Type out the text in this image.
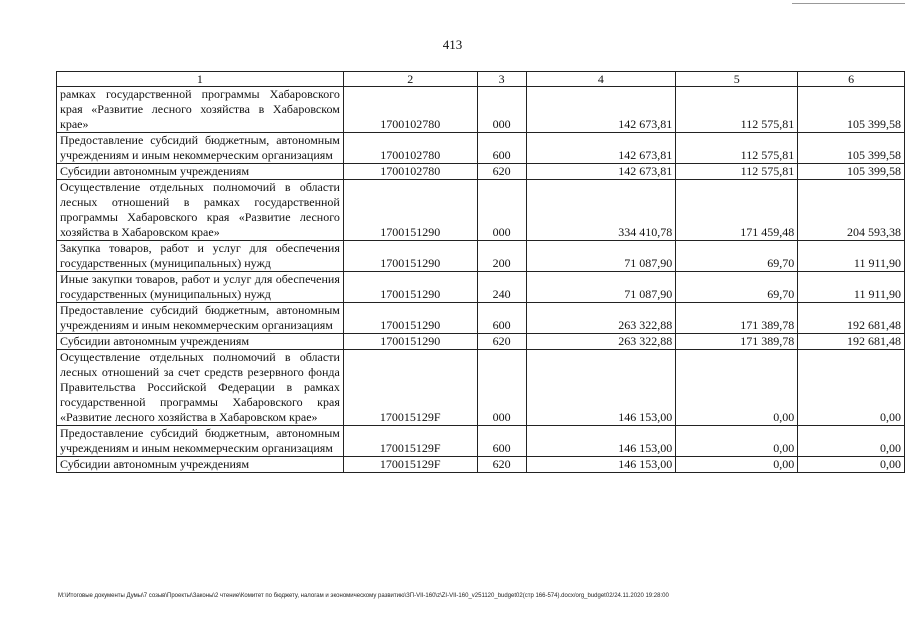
413
1	2	3	4	5	6
рамках государственной программы Хабаровского края «Развитие лесного хозяйства в Хабаровском крае»	1700102780	000	142 673,81	112 575,81	105 399,58
Предоставление субсидий бюджетным, автономным учреждениям и иным некоммерческим организациям	1700102780	600	142 673,81	112 575,81	105 399,58
Субсидии автономным учреждениям	1700102780	620	142 673,81	112 575,81	105 399,58
Осуществление отдельных полномочий в области лесных отношений в рамках государственной программы Хабаровского края «Развитие лесного хозяйства в Хабаровском крае»	1700151290	000	334 410,78	171 459,48	204 593,38
Закупка товаров, работ и услуг для обеспечения государственных (муниципальных) нужд	1700151290	200	71 087,90	69,70	11 911,90
Иные закупки товаров, работ и услуг для обеспечения государственных (муниципальных) нужд	1700151290	240	71 087,90	69,70	11 911,90
Предоставление субсидий бюджетным, автономным учреждениям и иным некоммерческим организациям	1700151290	600	263 322,88	171 389,78	192 681,48
Субсидии автономным учреждениям	1700151290	620	263 322,88	171 389,78	192 681,48
Осуществление отдельных полномочий в области лесных отношений за счет средств резервного фонда Правительства Российской Федерации в рамках государственной программы Хабаровского края «Развитие лесного хозяйства в Хабаровском крае»	170015129F	000	146 153,00	0,00	0,00
Предоставление субсидий бюджетным, автономным учреждениям и иным некоммерческим организациям	170015129F	600	146 153,00	0,00	0,00
Субсидии автономным учреждениям	170015129F	620	146 153,00	0,00	0,00
M:\Итоговые документы Думы\7 созыв\Проекты\Законы\2 чтение\Комитет по бюджету, налогам и экономическому развитию\ЗП-VII-160\z\ZI-VII-160_v251120_budget02(стр 166-574).docx/org_budget02/24.11.2020 19:28:00
